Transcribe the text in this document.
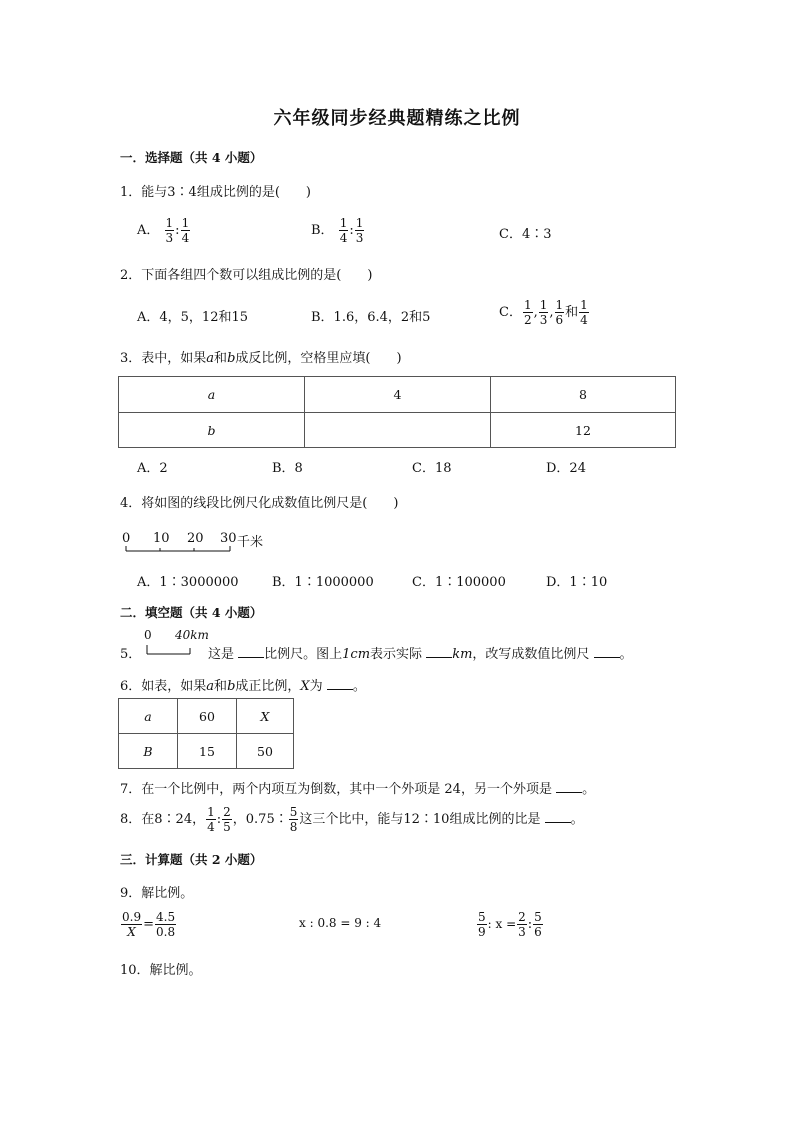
六年级同步经典题精练之比例
一．选择题（共 4 小题）
1．能与3∶4组成比例的是(　　)
A． $\frac{1}{3}$ : $\frac{1}{4}$	B． $\frac{1}{4}$ : $\frac{1}{3}$	C．4∶3
2．下面各组四个数可以组成比例的是(　　)
A．4，5，12和15	B．1.6，6.4，2和5	C． $\frac{1}{2}$ , $\frac{1}{3}$ , $\frac{1}{6}$ 和 $\frac{1}{4}$
3．表中，如果a和b成反比例，空格里应填(　　)
a	4	8
b		12
A．2	B．8	C．18	D．24
4．将如图的线段比例尺化成数值比例尺是(　　)
0 10 20 30 千米
A．1∶3000000	B．1∶1000000	C．1∶100000	D．1∶10
二．填空题（共 4 小题）
5．
0 40km
这是 比例尺。图上1cm表示实际 km，改写成数值比例尺 。
6．如表，如果a和b成正比例，X为 。
a	60	X
B	15	50
7．在一个比例中，两个内项互为倒数，其中一个外项是 24，另一个外项是 。
8．在8∶24， $\frac{1}{4}$ : $\frac{2}{5}$ ，0.75∶ $\frac{5}{8}$ 这三个比中，能与12∶10组成比例的比是 。
三．计算题（共 2 小题）
9．解比例。
$\frac{0.9}{X} = \frac{4.5}{0.8}$	x : 0.8 = 9 : 4	$\frac{5}{9}$ : $x = \frac{2}{3}$ : $\frac{5}{6}$
10．解比例。
